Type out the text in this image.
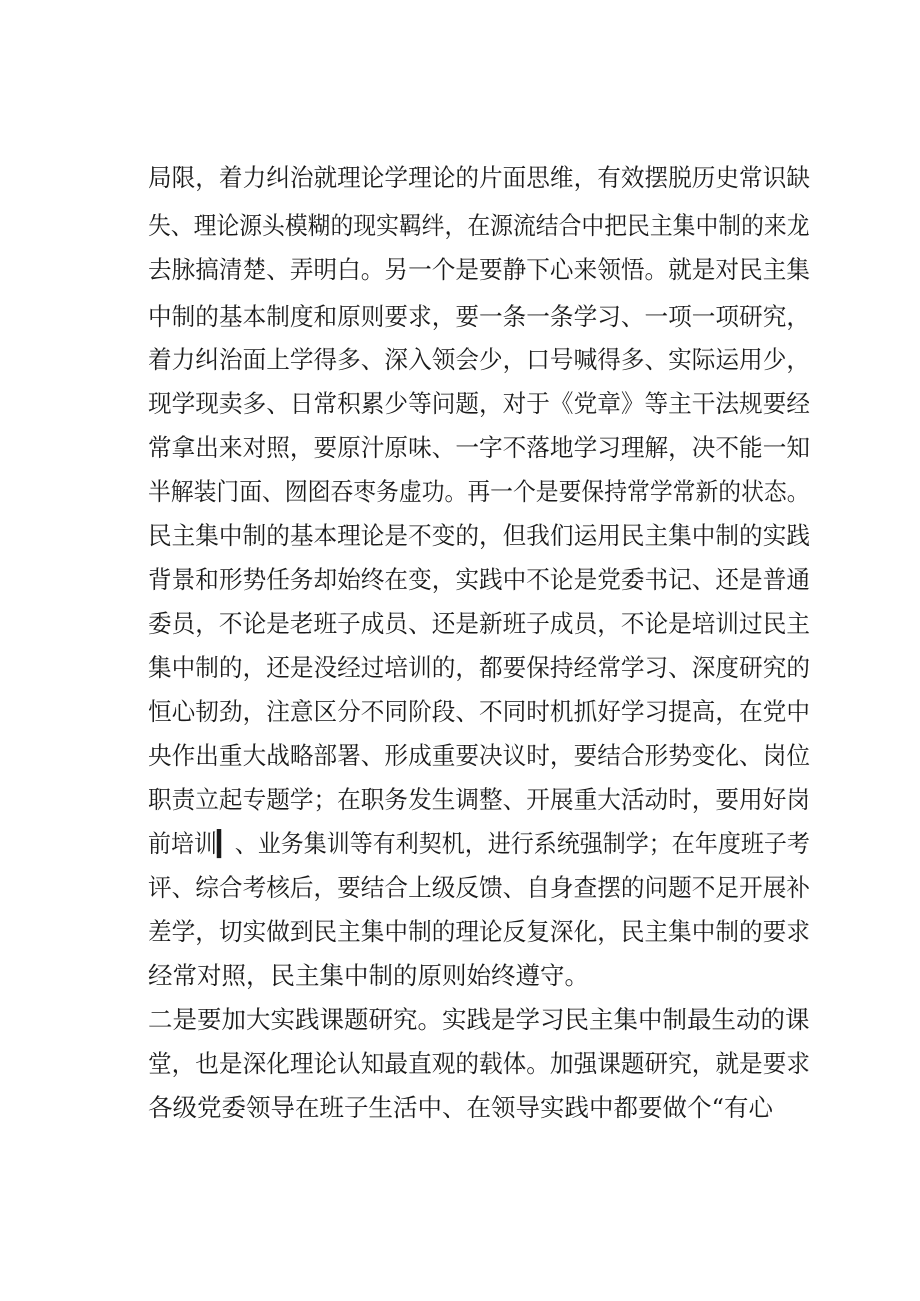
局限，着力纠治就理论学理论的片面思维，有效摆脱历史常识缺
失、理论源头模糊的现实羁绊，在源流结合中把民主集中制的来龙
去脉搞清楚、弄明白。另一个是要静下心来领悟。就是对民主集
中制的基本制度和原则要求，要一条一条学习、一项一项研究，
着力纠治面上学得多、深入领会少，口号喊得多、实际运用少，
现学现卖多、日常积累少等问题，对于《党章》等主干法规要经
常拿出来对照，要原汁原味、一字不落地学习理解，决不能一知
半解装门面、囫囵吞枣务虚功。再一个是要保持常学常新的状态。
民主集中制的基本理论是不变的，但我们运用民主集中制的实践
背景和形势任务却始终在变，实践中不论是党委书记、还是普通
委员，不论是老班子成员、还是新班子成员，不论是培训过民主
集中制的，还是没经过培训的，都要保持经常学习、深度研究的
恒心韧劲，注意区分不同阶段、不同时机抓好学习提高，在党中
央作出重大战略部署、形成重要决议时，要结合形势变化、岗位
职责立起专题学；在职务发生调整、开展重大活动时，要用好岗
前培训▎、业务集训等有利契机，进行系统强制学；在年度班子考
评、综合考核后，要结合上级反馈、自身查摆的问题不足开展补
差学，切实做到民主集中制的理论反复深化，民主集中制的要求
经常对照，民主集中制的原则始终遵守。
二是要加大实践课题研究。实践是学习民主集中制最生动的课
堂，也是深化理论认知最直观的载体。加强课题研究，就是要求
各级党委领导在班子生活中、在领导实践中都要做个“有心
